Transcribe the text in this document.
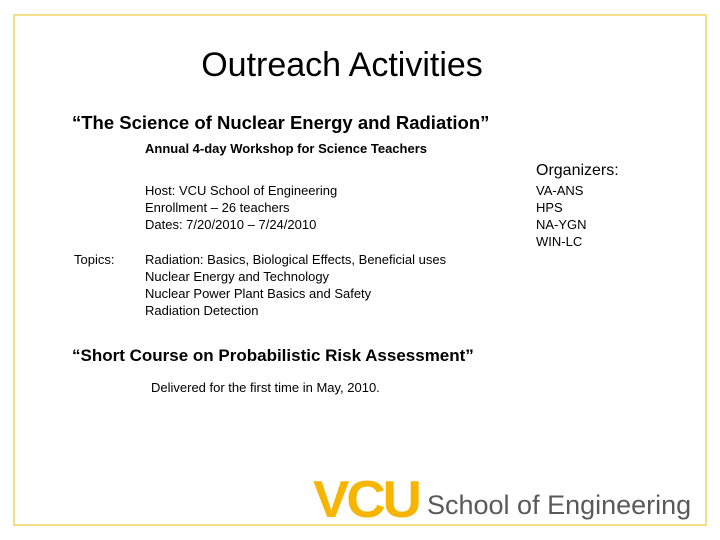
Outreach Activities
“The Science of Nuclear Energy and Radiation”
Annual 4-day Workshop for Science Teachers
Organizers:
VA-ANS
HPS
NA-YGN
WIN-LC
Host: VCU School of Engineering
Enrollment – 26 teachers
Dates: 7/20/2010 – 7/24/2010
Topics: Radiation: Basics, Biological Effects, Beneficial uses
Nuclear Energy and Technology
Nuclear Power Plant Basics and Safety
Radiation Detection
“Short Course on Probabilistic Risk Assessment”
Delivered for the first time in May, 2010.
VCU School of Engineering
